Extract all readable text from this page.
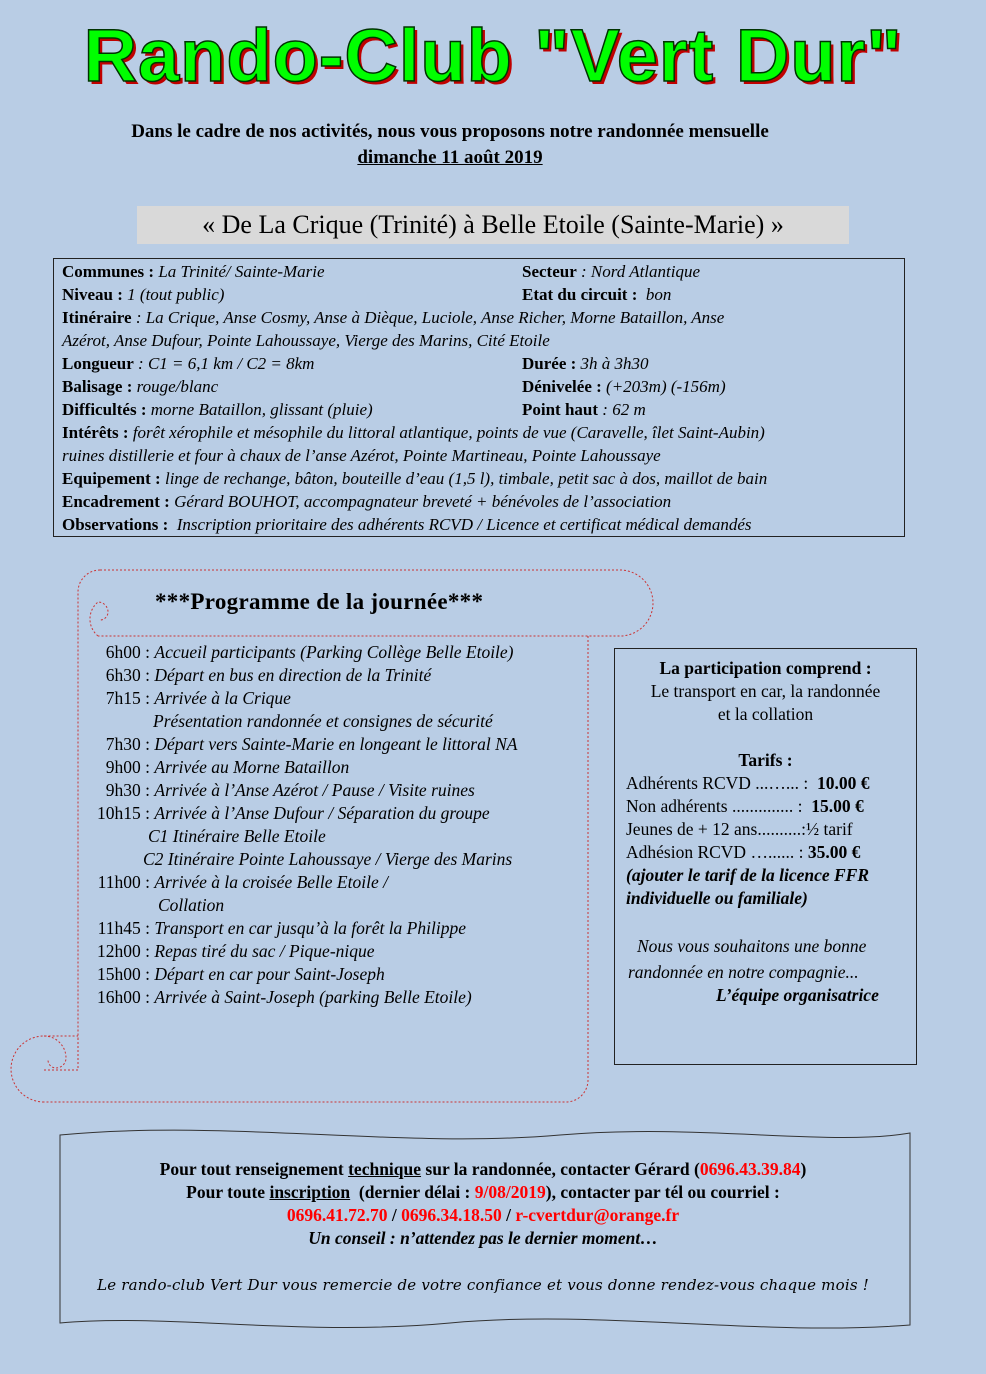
Rando-Club "Vert Dur"
Dans le cadre de nos activités, nous vous proposons notre randonnée mensuelle
dimanche 11 août 2019
« De La Crique (Trinité) à Belle Etoile (Sainte-Marie) »
Communes : La Trinité/ Sainte-Marie	Secteur : Nord Atlantique
Niveau : 1 (tout public)	Etat du circuit : bon
Itinéraire : La Crique, Anse Cosmy, Anse à Dièque, Luciole, Anse Richer, Morne Bataillon, Anse
Azérot, Anse Dufour, Pointe Lahoussaye, Vierge des Marins, Cité Etoile
Longueur : C1 = 6,1 km / C2 = 8km	Durée : 3h à 3h30
Balisage : rouge/blanc	Dénivelée : (+203m) (-156m)
Difficultés : morne Bataillon, glissant (pluie)	Point haut : 62 m
Intérêts : forêt xérophile et mésophile du littoral atlantique, points de vue (Caravelle, îlet Saint-Aubin)
ruines distillerie et four à chaux de l’anse Azérot, Pointe Martineau, Pointe Lahoussaye
Equipement : linge de rechange, bâton, bouteille d’eau (1,5 l), timbale, petit sac à dos, maillot de bain
Encadrement : Gérard BOUHOT, accompagnateur breveté + bénévoles de l’association
Observations : Inscription prioritaire des adhérents RCVD / Licence et certificat médical demandés
***Programme de la journée***
6h00 : Accueil participants (Parking Collège Belle Etoile)
6h30 : Départ en bus en direction de la Trinité
7h15 : Arrivée à la Crique
Présentation randonnée et consignes de sécurité
7h30 : Départ vers Sainte-Marie en longeant le littoral NA
9h00 : Arrivée au Morne Bataillon
9h30 : Arrivée à l’Anse Azérot / Pause / Visite ruines
10h15 : Arrivée à l’Anse Dufour / Séparation du groupe
C1 Itinéraire Belle Etoile
C2 Itinéraire Pointe Lahoussaye / Vierge des Marins
11h00 : Arrivée à la croisée Belle Etoile /
Collation
11h45 : Transport en car jusqu’à la forêt la Philippe
12h00 : Repas tiré du sac / Pique-nique
15h00 : Départ en car pour Saint-Joseph
16h00 : Arrivée à Saint-Joseph (parking Belle Etoile)
La participation comprend :
Le transport en car, la randonnée
et la collation
Tarifs :
Adhérents RCVD ...…... : 10.00 €
Non adhérents .............. : 15.00 €
Jeunes de + 12 ans..........:½ tarif
Adhésion RCVD …...... : 35.00 €
(ajouter le tarif de la licence FFR
individuelle ou familiale)
Nous vous souhaitons une bonne
randonnée en notre compagnie...
L’équipe organisatrice
Pour tout renseignement technique sur la randonnée, contacter Gérard (0696.43.39.84)
Pour toute inscription (dernier délai : 9/08/2019), contacter par tél ou courriel :
0696.41.72.70 / 0696.34.18.50 / r-cvertdur@orange.fr
Un conseil : n’attendez pas le dernier moment…
Le rando-club Vert Dur vous remercie de votre confiance et vous donne rendez-vous chaque mois !
